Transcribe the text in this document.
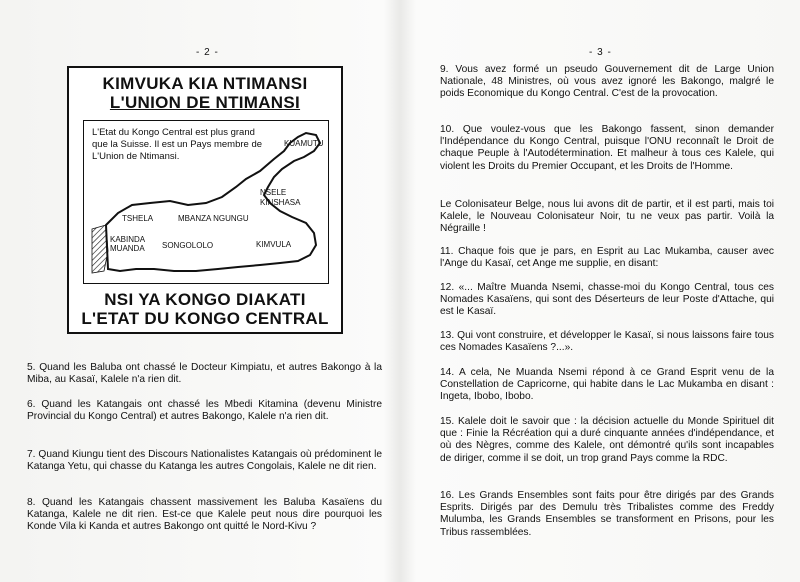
- 2 -
KIMVUKA KIA NTIMANSI
L'UNION DE NTIMANSI
L'Etat du Kongo Central est plus grand que la Suisse. Il est un Pays membre de L'Union de Ntimansi.
KUAMUTU
NSELE
KINSHASA
TSHELA	MBANZA NGUNGU
KABINDA
MUANDA SONGOLOLO	KIMVULA
NSI YA KONGO DIAKATI
L'ETAT DU KONGO CENTRAL

5. Quand les Baluba ont chassé le Docteur Kimpiatu, et autres Bakongo à la Miba, au Kasaï, Kalele n'a rien dit.

6. Quand les Katangais ont chassé les Mbedi Kitamina (devenu Ministre Provincial du Kongo Central) et autres Bakongo, Kalele n'a rien dit.

7. Quand Kiungu tient des Discours Nationalistes Katangais où prédominent le Katanga Yetu, qui chasse du Katanga les autres Congolais, Kalele ne dit rien.

8. Quand les Katangais chassent massivement les Baluba Kasaïens du Katanga, Kalele ne dit rien. Est-ce que Kalele peut nous dire pourquoi les Konde Vila ki Kanda et autres Bakongo ont quitté le Nord-Kivu ?

- 3 -

9. Vous avez formé un pseudo Gouvernement dit de Large Union Nationale, 48 Ministres, où vous avez ignoré les Bakongo, malgré le poids Economique du Kongo Central. C'est de la provocation.

10. Que voulez-vous que les Bakongo fassent, sinon demander l'Indépendance du Kongo Central, puisque l'ONU reconnaît le Droit de chaque Peuple à l'Autodétermination. Et malheur à tous ces Kalele, qui violent les Droits du Premier Occupant, et les Droits de l'Homme.

Le Colonisateur Belge, nous lui avons dit de partir, et il est parti, mais toi Kalele, le Nouveau Colonisateur Noir, tu ne veux pas partir. Voilà la Négraille !

11. Chaque fois que je pars, en Esprit au Lac Mukamba, causer avec l'Ange du Kasaï, cet Ange me supplie, en disant:

12. «... Maître Muanda Nsemi, chasse-moi du Kongo Central, tous ces Nomades Kasaïens, qui sont des Déserteurs de leur Poste d'Attache, qui est le Kasaï.

13. Qui vont construire, et développer le Kasaï, si nous laissons faire tous ces Nomades Kasaïens ?...».

14. A cela, Ne Muanda Nsemi répond à ce Grand Esprit venu de la Constellation de Capricorne, qui habite dans le Lac Mukamba en disant : Ingeta, Ibobo, Ibobo.

15. Kalele doit le savoir que : la décision actuelle du Monde Spirituel dit que : Finie la Récréation qui a duré cinquante années d'indépendance, et où des Nègres, comme des Kalele, ont démontré qu'ils sont incapables de diriger, comme il se doit, un trop grand Pays comme la RDC.

16. Les Grands Ensembles sont faits pour être dirigés par des Grands Esprits. Dirigés par des Demulu très Tribalistes comme des Freddy Mulumba, les Grands Ensembles se transforment en Prisons, pour les Tribus rassemblées.
